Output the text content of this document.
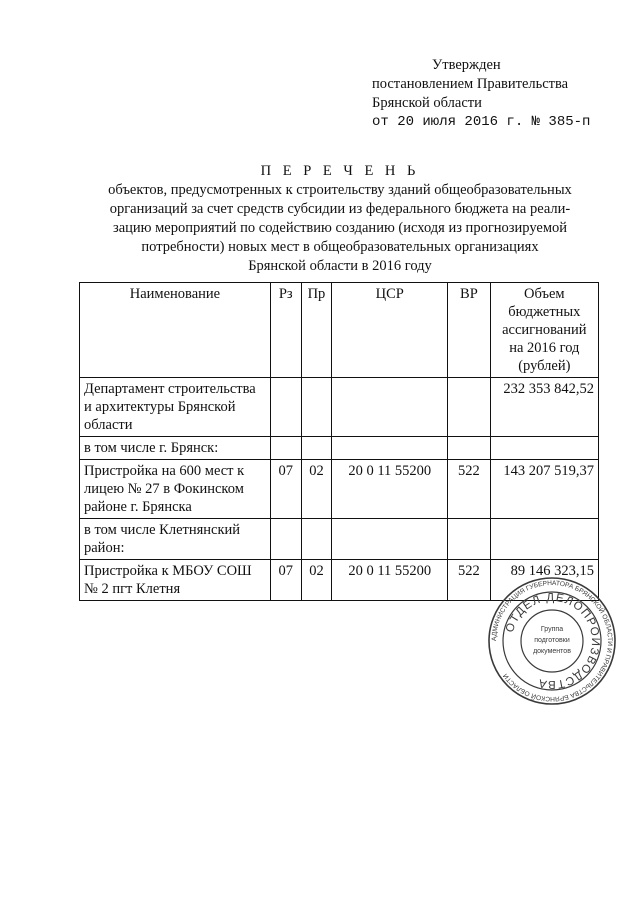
Утвержден
постановлением Правительства
Брянской области
от 20 июля 2016 г. № 385-п
П Е Р Е Ч Е Н Ь
объектов, предусмотренных к строительству зданий общеобразовательных
организаций за счет средств субсидии из федерального бюджета на реали-
зацию мероприятий по содействию созданию (исходя из прогнозируемой
потребности) новых мест в общеобразовательных организациях
Брянской области в 2016 году
Наименование	Рз	Пр	ЦСР	ВР	Объем бюджетных ассигнований на 2016 год (рублей)
Департамент строительства и архитектуры Брянской области					232 353 842,52
в том числе г. Брянск:					
Пристройка на 600 мест к лицею № 27 в Фокинском районе г. Брянска	07	02	20 0 11 55200	522	143 207 519,37
в том числе Клетнянский район:					
Пристройка к МБОУ СОШ № 2 пгт Клетня	07	02	20 0 11 55200	522	89 146 323,15
АДМИНИСТРАЦИЯ ГУБЕРНАТОРА БРЯНСКОЙ ОБЛАСТИ И ПРАВИТЕЛЬСТВА БРЯНСКОЙ ОБЛАСТИ
ОТДЕЛ ДЕЛОПРОИЗВОДСТВА
Группа
подготовки
документов
